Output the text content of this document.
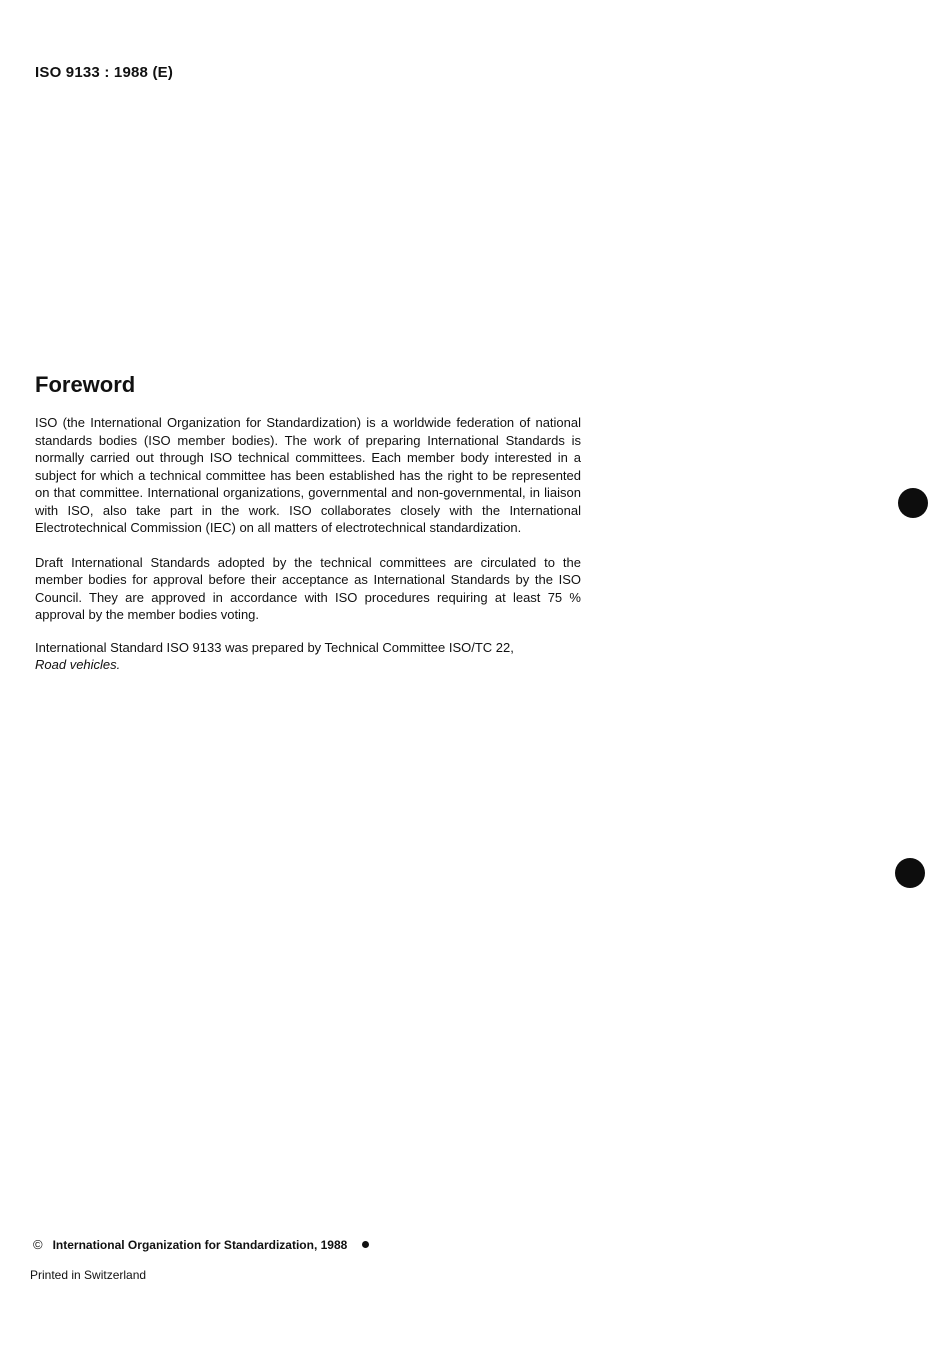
ISO 9133 : 1988 (E)
Foreword

ISO (the International Organization for Standardization) is a worldwide federation of national standards bodies (ISO member bodies). The work of preparing International Standards is normally carried out through ISO technical committees. Each member body interested in a subject for which a technical committee has been established has the right to be represented on that committee. International organizations, governmental and non-governmental, in liaison with ISO, also take part in the work. ISO collaborates closely with the International Electrotechnical Commission (IEC) on all matters of electrotechnical standardization.

Draft International Standards adopted by the technical committees are circulated to the member bodies for approval before their acceptance as International Standards by the ISO Council. They are approved in accordance with ISO procedures requiring at least 75 % approval by the member bodies voting.

International Standard ISO 9133 was prepared by Technical Committee ISO/TC 22,
Road vehicles.

© International Organization for Standardization, 1988
Printed in Switzerland
